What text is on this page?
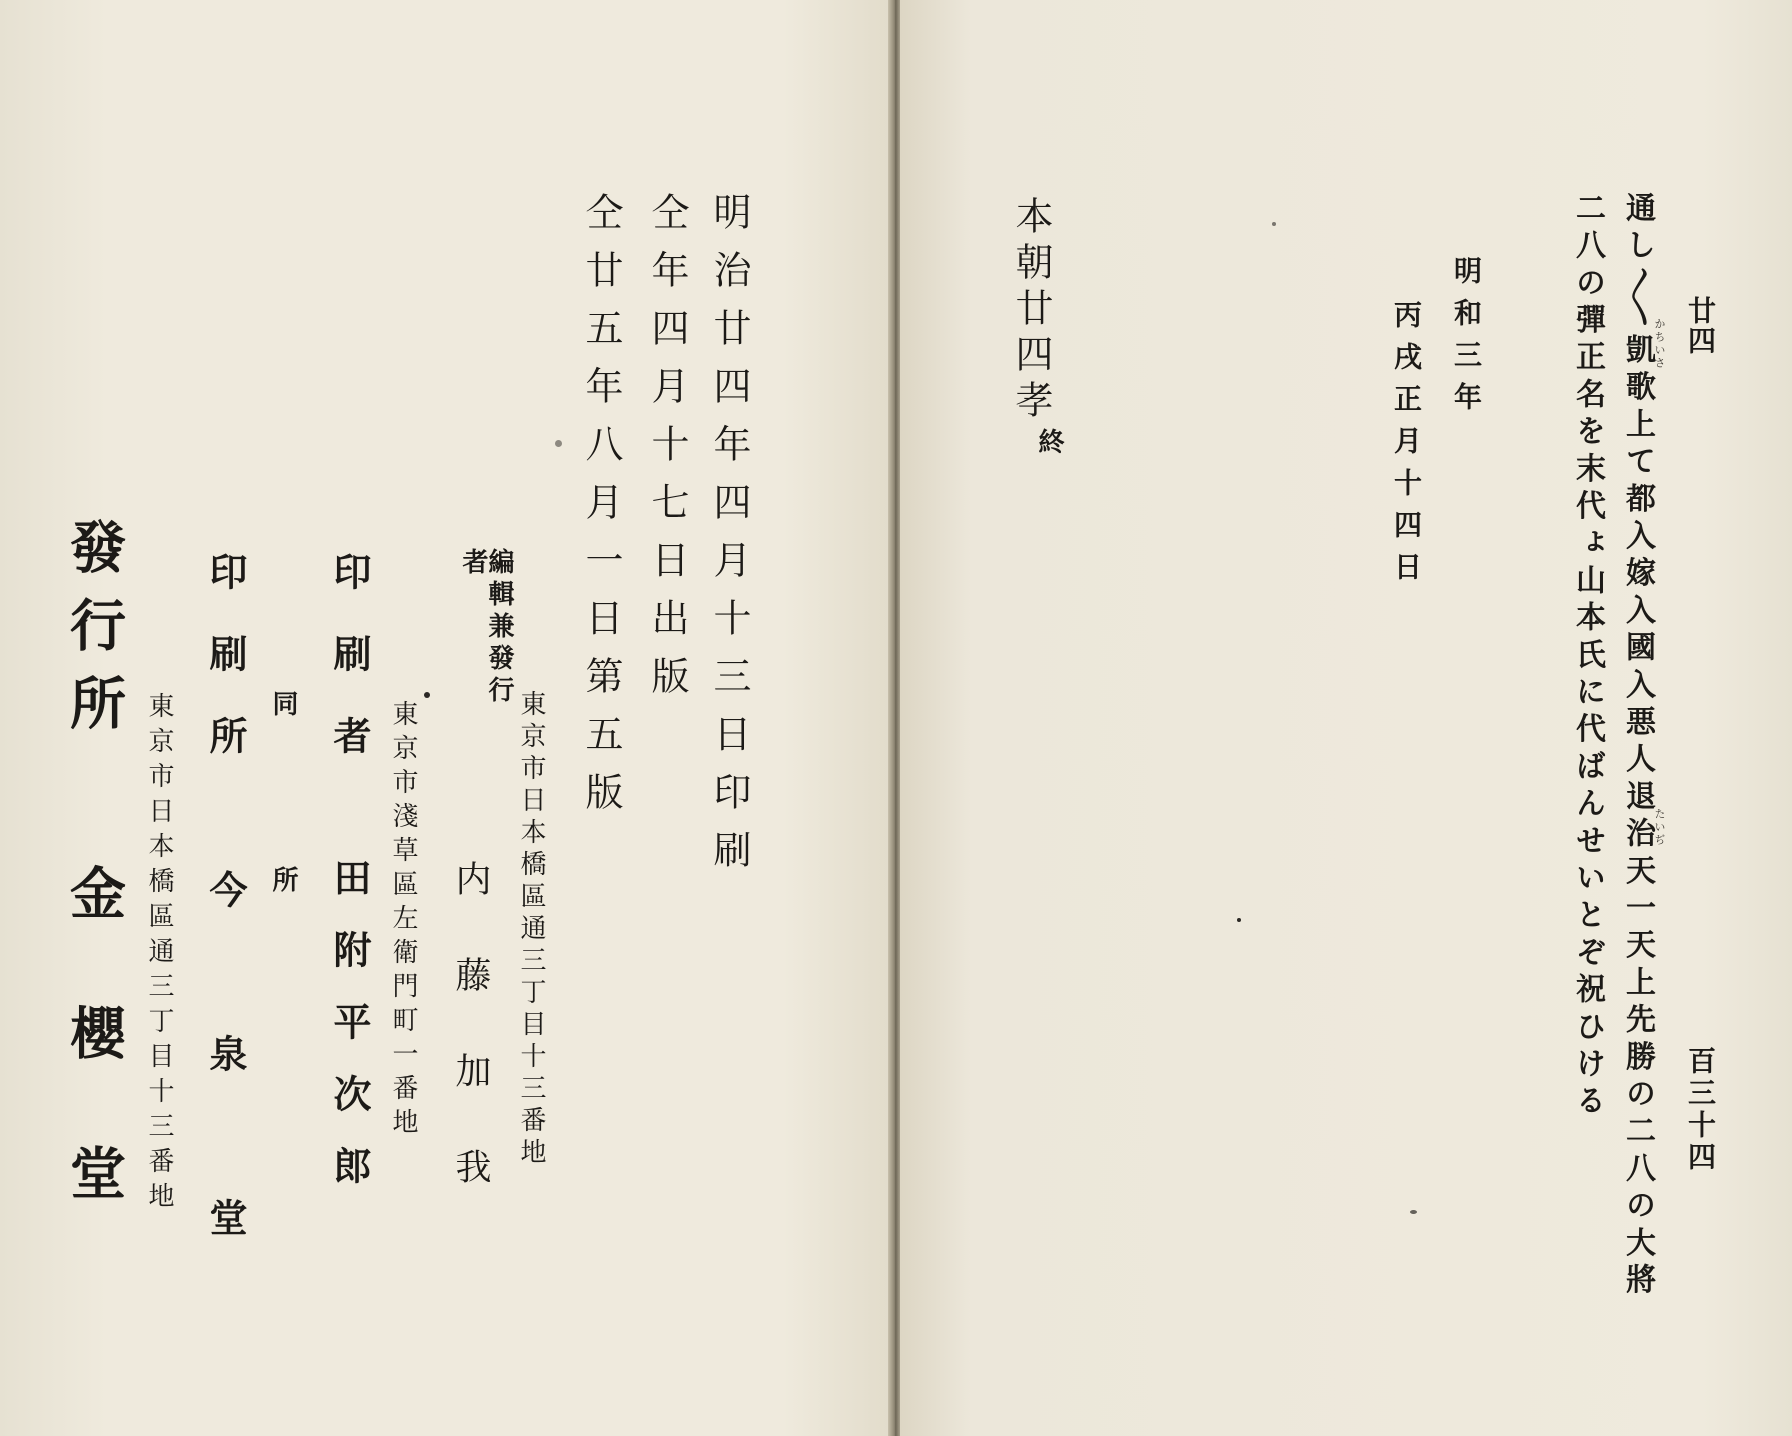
明治廿四年四月十三日印刷
仝年四月十七日出版
仝廿五年八月一日第五版
東京市日本橋區通三丁目十三番地
編輯兼發行者
内藤加我
東京市淺草區左衛門町一番地
印刷者
田附平次郎
同所
印刷所
今泉堂
東京市日本橋區通三丁目十三番地
發行所
金櫻堂

廿四
百三十四
通し〳〵凱歌上て都入嫁入國入悪人退治天一天上先勝の二八の大將
かちいさ
たいぢ
二八の彈正名を末代ょ山本氏に代ばんせいとぞ祝ひける
明和三年
丙戌正月十四日
本朝廿四孝
終
